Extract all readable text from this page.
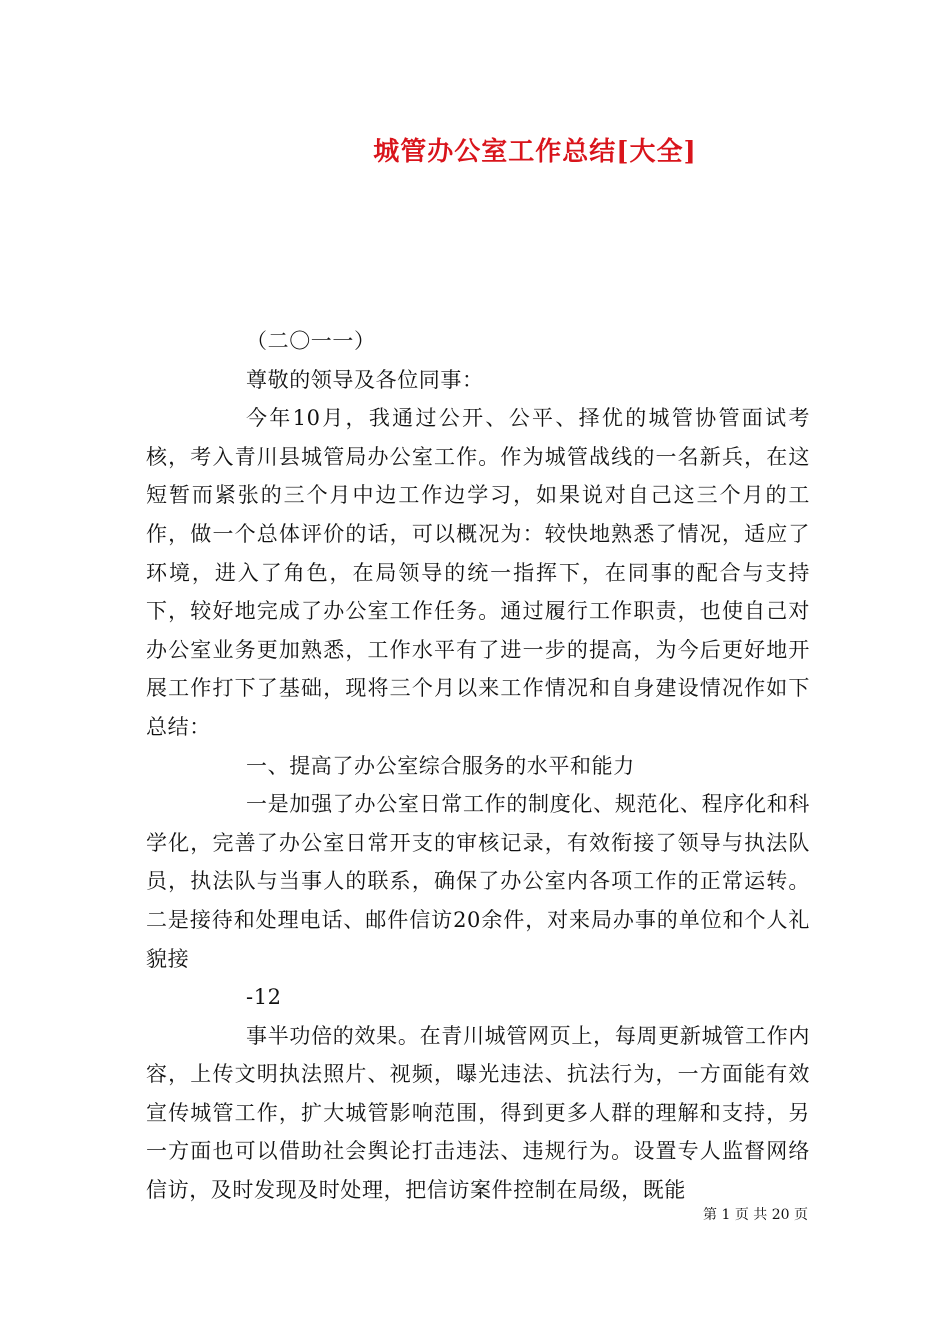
城管办公室工作总结[大全]

（二〇一一）

尊敬的领导及各位同事：

今年10月，我通过公开、公平、择优的城管协管面试考核，考入青川县城管局办公室工作。作为城管战线的一名新兵，在这短暂而紧张的三个月中边工作边学习，如果说对自己这三个月的工作，做一个总体评价的话，可以概况为：较快地熟悉了情况，适应了环境，进入了角色，在局领导的统一指挥下，在同事的配合与支持下，较好地完成了办公室工作任务。通过履行工作职责，也使自己对办公室业务更加熟悉，工作水平有了进一步的提高，为今后更好地开展工作打下了基础，现将三个月以来工作情况和自身建设情况作如下总结：

一、提高了办公室综合服务的水平和能力

一是加强了办公室日常工作的制度化、规范化、程序化和科学化，完善了办公室日常开支的审核记录，有效衔接了领导与执法队员，执法队与当事人的联系，确保了办公室内各项工作的正常运转。二是接待和处理电话、邮件信访20余件，对来局办事的单位和个人礼貌接

-12

事半功倍的效果。在青川城管网页上，每周更新城管工作内容，上传文明执法照片、视频，曝光违法、抗法行为，一方面能有效宣传城管工作，扩大城管影响范围，得到更多人群的理解和支持，另一方面也可以借助社会舆论打击违法、违规行为。设置专人监督网络信访，及时发现及时处理，把信访案件控制在局级，既能

第 1 页 共 20 页
